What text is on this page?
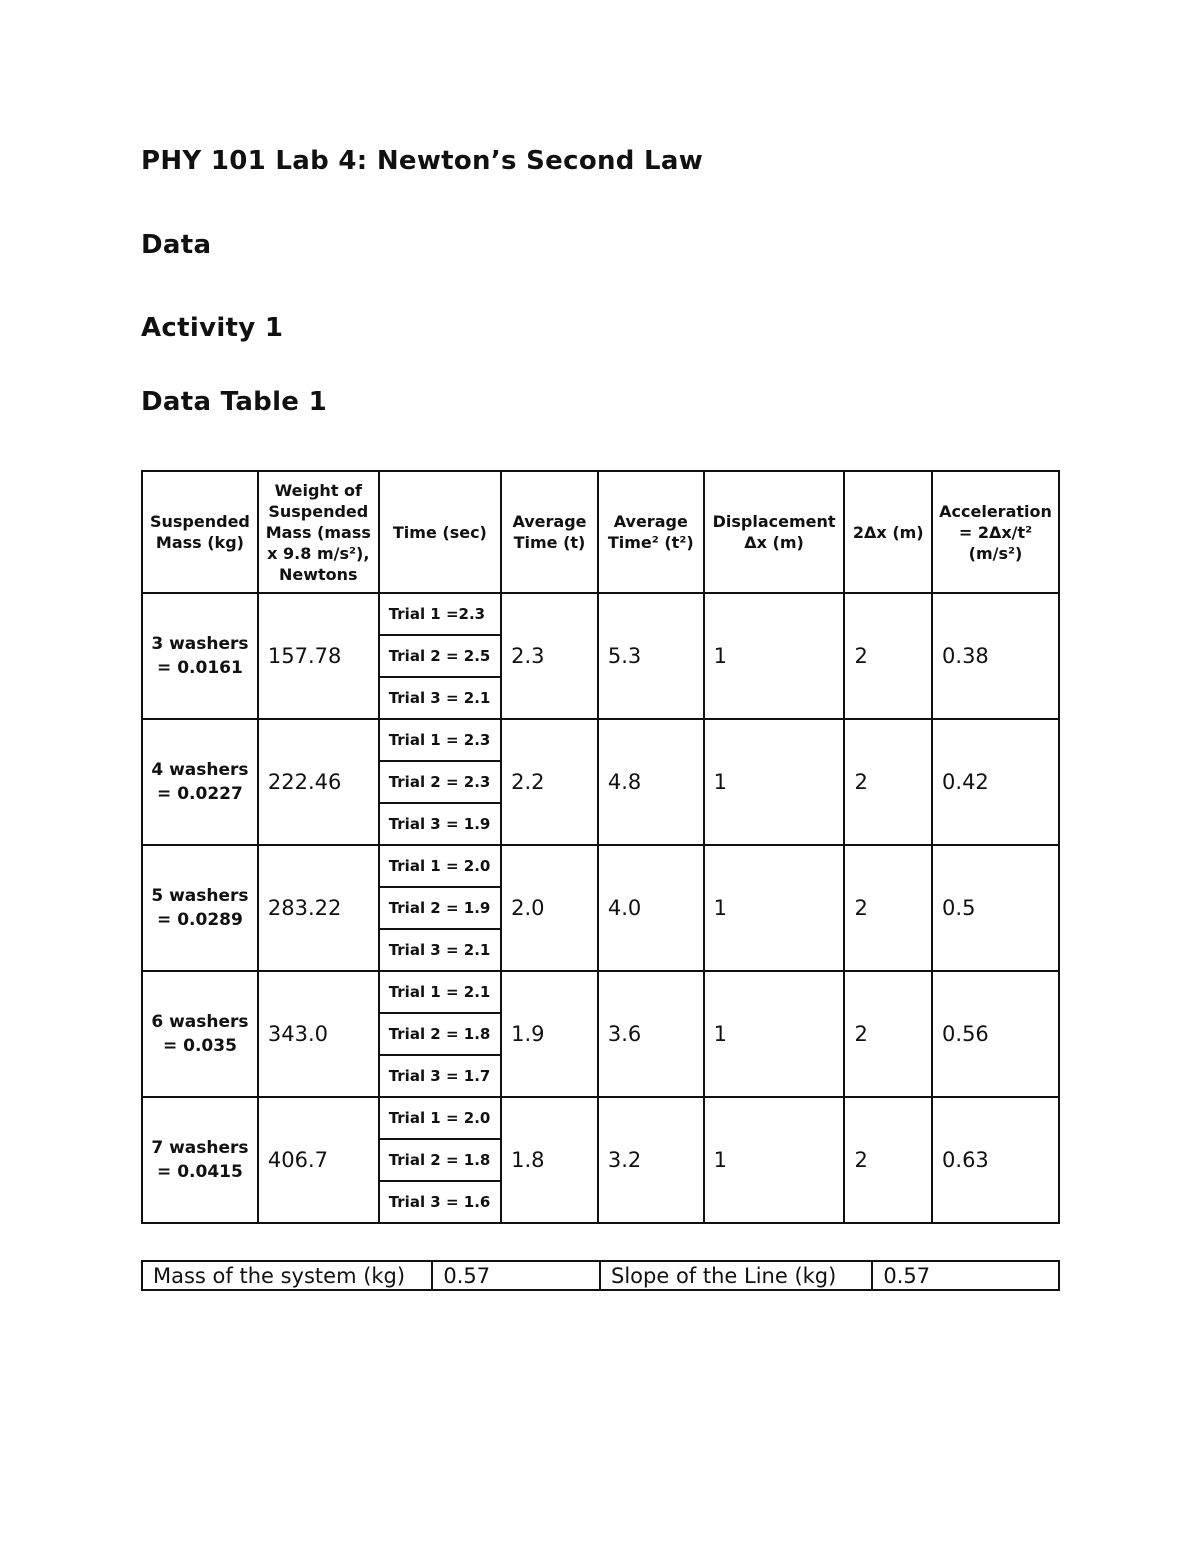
PHY 101 Lab 4: Newton’s Second Law
Data
Activity 1
Data Table 1
Suspended Mass (kg)	Weight of Suspended Mass (mass x 9.8 m/s²), Newtons	Time (sec)	Average Time (t)	Average Time² (t²)	Displacement Δx (m)	2Δx (m)	Acceleration = 2Δx/t² (m/s²)

3 washers
= 0.0161	157.78	Trial 1 =2.3	2.3	5.3	1	2	0.38
		Trial 2 = 2.5					
		Trial 3 = 2.1					

4 washers
= 0.0227	222.46	Trial 1 = 2.3	2.2	4.8	1	2	0.42
		Trial 2 = 2.3					
		Trial 3 = 1.9					

5 washers
= 0.0289	283.22	Trial 1 = 2.0	2.0	4.0	1	2	0.5
		Trial 2 = 1.9					
		Trial 3 = 2.1					

6 washers
= 0.035	343.0	Trial 1 = 2.1	1.9	3.6	1	2	0.56
		Trial 2 = 1.8					
		Trial 3 = 1.7					

7 washers
= 0.0415	406.7	Trial 1 = 2.0	1.8	3.2	1	2	0.63
		Trial 2 = 1.8					
		Trial 3 = 1.6					
Mass of the system (kg)	0.57	Slope of the Line (kg)	0.57
